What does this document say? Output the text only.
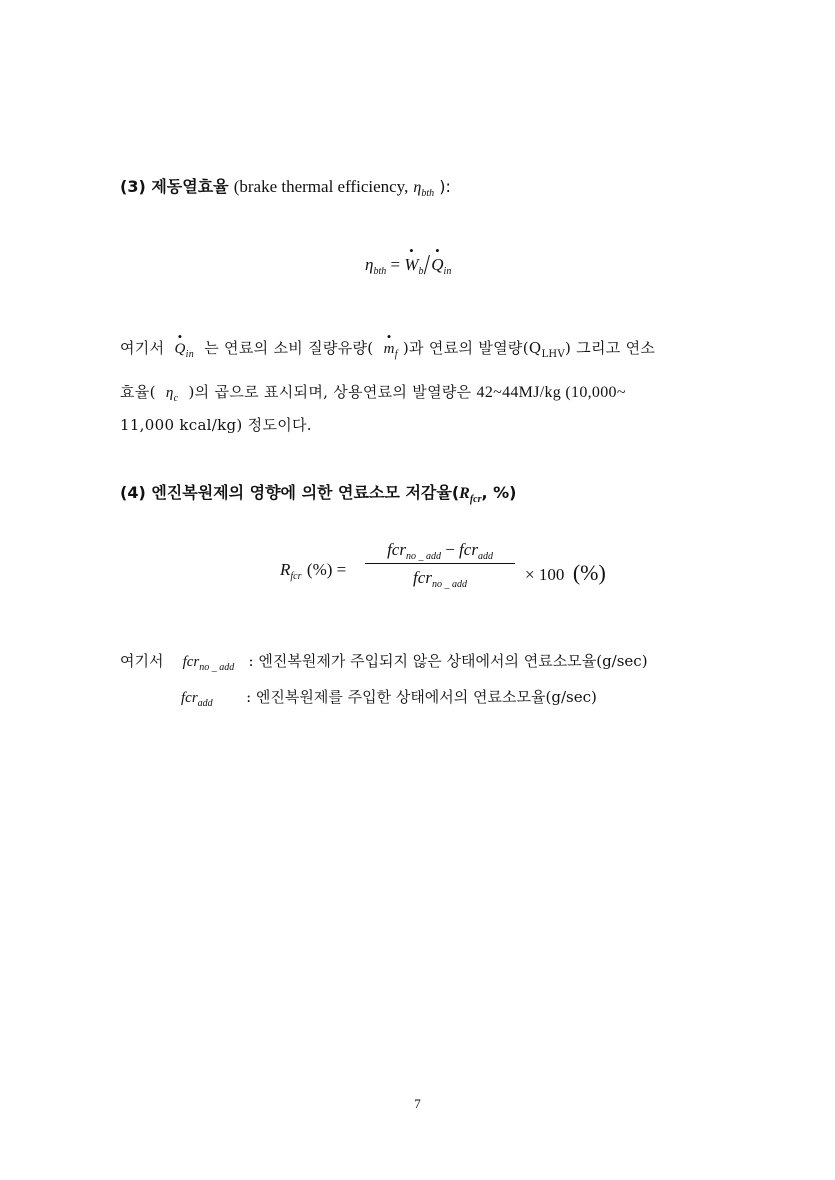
(3) 제동열효율 (brake thermal efficiency, $\eta_{bth}$ ):
$\eta_{bth}$ = • $W_b/•$ $Q_{in}$
여기서 • $Q_{in}$ 는 연료의 소비 질량유량( • $m_f$ )과 연료의 발열량$(Q_{LHV})$ 그리고 연소
효율( $\eta_c$ )의 곱으로 표시되며, 상용연료의 발열량은 42~44MJ/kg (10,000~
11,000 kcal/kg) 정도이다.
(4) 엔진복원제의 영향에 의한 연료소모 저감율($R_{fcr}$, %)
$R_{fcr}$ (%) =
fcr$_{no \_ add}$ − fcr$_{add}$
fcr$_{no \_ add}$
× 100 (%)
여기서 fcr$_{no \_ add}$ : 엔진복원제가 주입되지 않은 상태에서의 연료소모율(g/sec)
fcr$_{add}$ : 엔진복원제를 주입한 상태에서의 연료소모율(g/sec)
7
